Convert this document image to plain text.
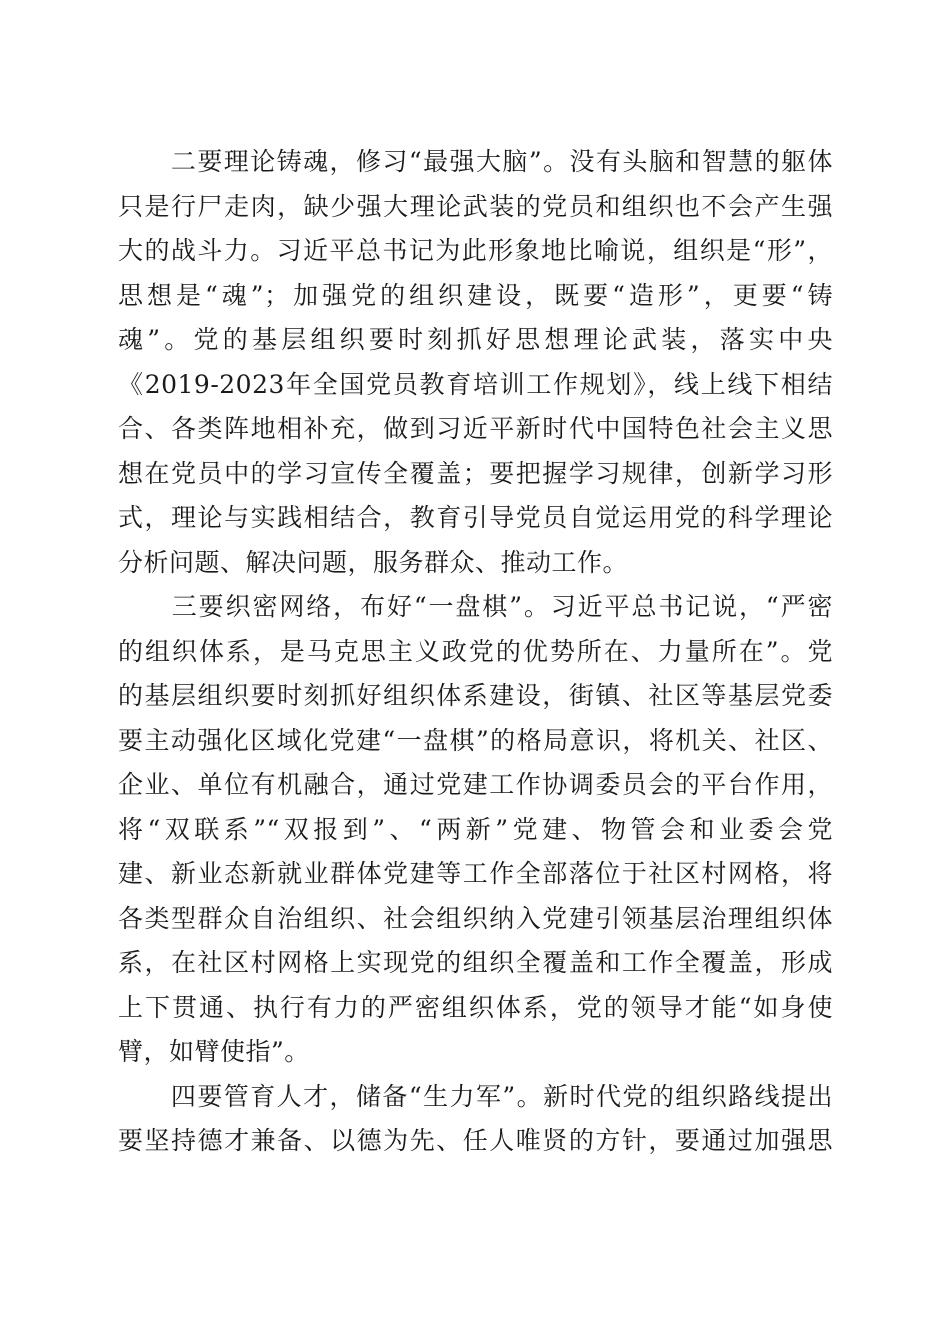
　　二要理论铸魂，修习“最强大脑”。没有头脑和智慧的躯体
只是行尸走肉，缺少强大理论武装的党员和组织也不会产生强
大的战斗力。习近平总书记为此形象地比喻说，组织是“形”，
思想是“魂”；加强党的组织建设，既要“造形”，更要“铸
魂”。党的基层组织要时刻抓好思想理论武装，落实中央
《2019-2023年全国党员教育培训工作规划》，线上线下相结
合、各类阵地相补充，做到习近平新时代中国特色社会主义思
想在党员中的学习宣传全覆盖；要把握学习规律，创新学习形
式，理论与实践相结合，教育引导党员自觉运用党的科学理论
分析问题、解决问题，服务群众、推动工作。
　　三要织密网络，布好“一盘棋”。习近平总书记说，“严密
的组织体系，是马克思主义政党的优势所在、力量所在”。党
的基层组织要时刻抓好组织体系建设，街镇、社区等基层党委
要主动强化区域化党建“一盘棋”的格局意识，将机关、社区、
企业、单位有机融合，通过党建工作协调委员会的平台作用，
将“双联系”“双报到”、“两新”党建、物管会和业委会党
建、新业态新就业群体党建等工作全部落位于社区村网格，将
各类型群众自治组织、社会组织纳入党建引领基层治理组织体
系，在社区村网格上实现党的组织全覆盖和工作全覆盖，形成
上下贯通、执行有力的严密组织体系，党的领导才能“如身使
臂，如臂使指”。
　　四要管育人才，储备“生力军”。新时代党的组织路线提出
要坚持德才兼备、以德为先、任人唯贤的方针，要通过加强思
